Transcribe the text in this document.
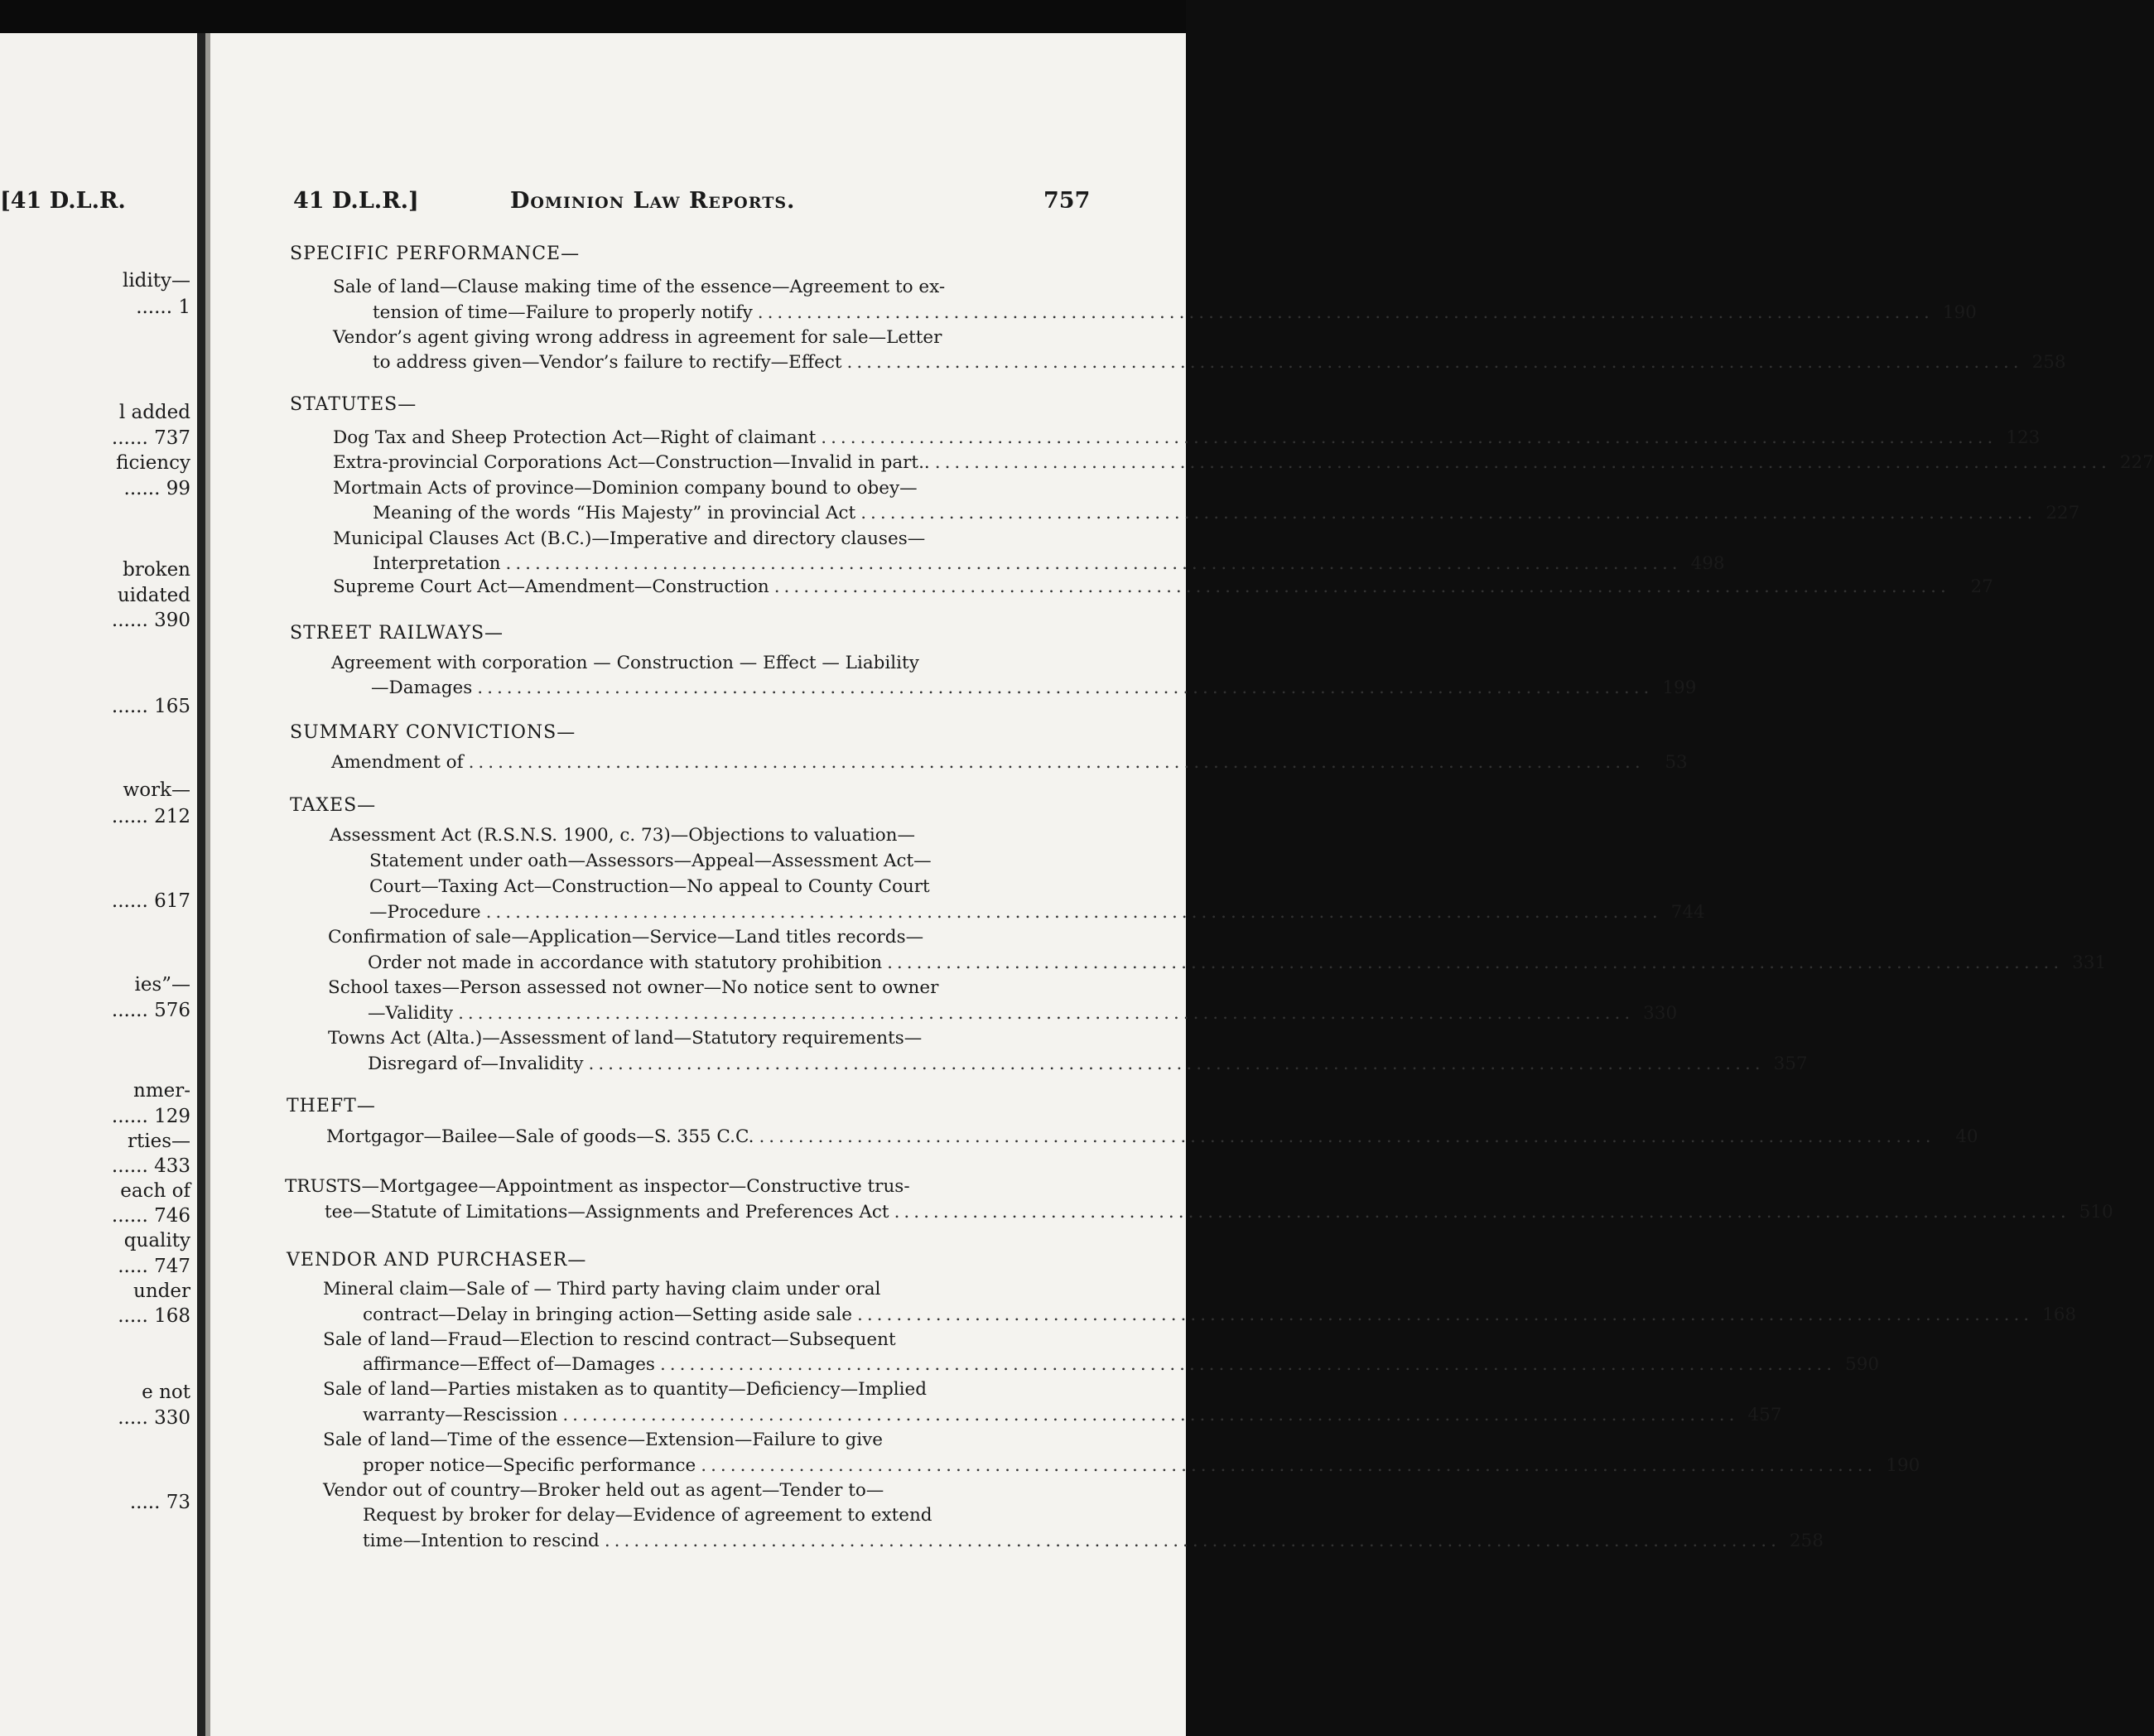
[41 D.L.R.
lidity—
...... 1
l added
...... 737
ficiency
...... 99
broken
uidated
...... 390
...... 165
work—
...... 212
...... 617
ies”—
...... 576
nmer-
...... 129
rties—
...... 433
each of
...... 746
quality
..... 747
under
..... 168
e not
..... 330
..... 73
41 D.L.R.]	Dominion Law Reports.	757
SPECIFIC PERFORMANCE—
STATUTES—
STREET RAILWAYS—
SUMMARY CONVICTIONS—
TAXES—
THEFT—
VENDOR AND PURCHASER—
Sale of land—Clause making time of the essence—Agreement to ex-
tension of time—Failure to properly notify ........................................................................................................................ 190
Vendor’s agent giving wrong address in agreement for sale—Letter
to address given—Vendor’s failure to rectify—Effect ........................................................................................................................ 258
Dog Tax and Sheep Protection Act—Right of claimant ........................................................................................................................ 123
Extra-provincial Corporations Act—Construction—Invalid in part.. ........................................................................................................................ 227
Mortmain Acts of province—Dominion company bound to obey—
Meaning of the words “His Majesty” in provincial Act ........................................................................................................................ 227
Municipal Clauses Act (B.C.)—Imperative and directory clauses—
Interpretation ........................................................................................................................ 498
Supreme Court Act—Amendment—Construction ........................................................................................................................	27
Agreement with corporation — Construction — Effect — Liability
—Damages ........................................................................................................................ 199
Amendment of ........................................................................................................................	53
Assessment Act (R.S.N.S. 1900, c. 73)—Objections to valuation—
Statement under oath—Assessors—Appeal—Assessment Act—
Court—Taxing Act—Construction—No appeal to County Court
—Procedure ........................................................................................................................ 744
Confirmation of sale—Application—Service—Land titles records—
Order not made in accordance with statutory prohibition ........................................................................................................................ 331
School taxes—Person assessed not owner—No notice sent to owner
—Validity ........................................................................................................................ 330
Towns Act (Alta.)—Assessment of land—Statutory requirements—
Disregard of—Invalidity ........................................................................................................................ 357
Mortgagor—Bailee—Sale of goods—S. 355 C.C. ........................................................................................................................	40
TRUSTS—Mortgagee—Appointment as inspector—Constructive trus-
tee—Statute of Limitations—Assignments and Preferences Act ........................................................................................................................ 510
Mineral claim—Sale of — Third party having claim under oral
contract—Delay in bringing action—Setting aside sale ........................................................................................................................ 168
Sale of land—Fraud—Election to rescind contract—Subsequent
affirmance—Effect of—Damages ........................................................................................................................ 590
Sale of land—Parties mistaken as to quantity—Deficiency—Implied
warranty—Rescission ........................................................................................................................ 457
Sale of land—Time of the essence—Extension—Failure to give
proper notice—Specific performance ........................................................................................................................ 190
Vendor out of country—Broker held out as agent—Tender to—
Request by broker for delay—Evidence of agreement to extend
time—Intention to rescind ........................................................................................................................ 258
